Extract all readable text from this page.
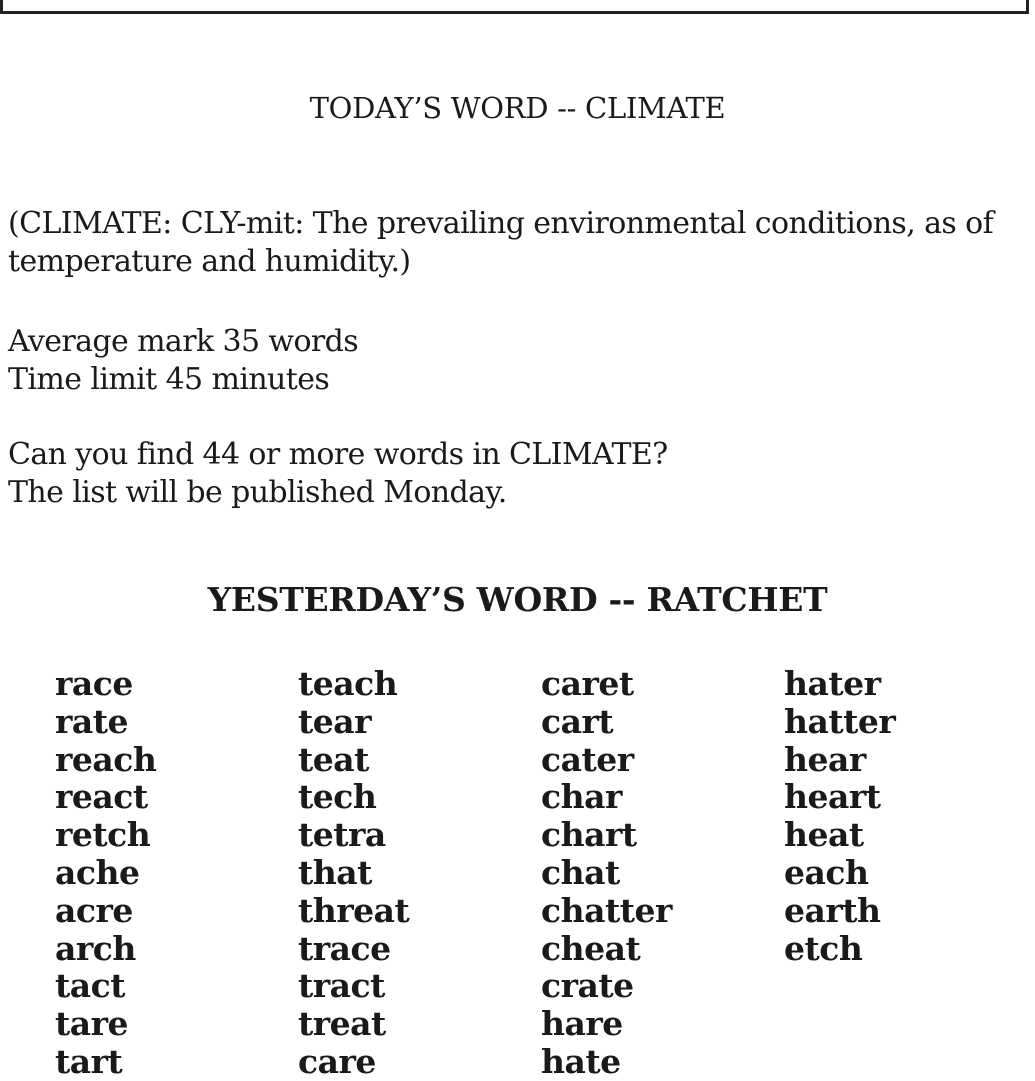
TODAY’S WORD -- CLIMATE
(CLIMATE: CLY-mit: The prevailing environmental conditions, as of temperature and humidity.)
Average mark 35 words
Time limit 45 minutes
Can you find 44 or more words in CLIMATE?
The list will be published Monday.
YESTERDAY’S WORD -- RATCHET
race
rate
reach
react
retch
ache
acre
arch
tact
tare
tart
teach
tear
teat
tech
tetra
that
threat
trace
tract
treat
care
caret
cart
cater
char
chart
chat
chatter
cheat
crate
hare
hate
hater
hatter
hear
heart
heat
each
earth
etch
